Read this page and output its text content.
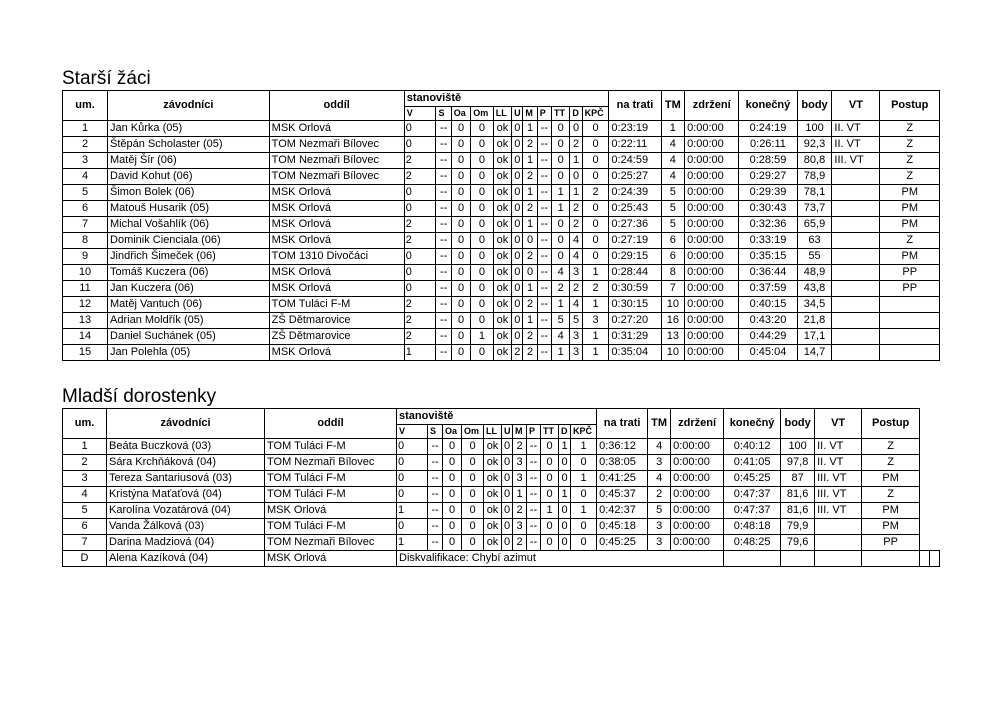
Starší žáci
um.	závodníci	oddíl	stanoviště											na trati	TM	zdržení	konečný	body	VT	Postup
			V	S	Oa	Om	LL	U	M	P	TT	D	KPČ							
1	Jan Kůrka (05)	MSK Orlová	0	--	0	0	ok	0	1	--	0	0	0	0:23:19	1	0:00:00	0:24:19	100	II. VT	Z
2	Štěpán Scholaster (05)	TOM Nezmaři Bílovec	0	--	0	0	ok	0	2	--	0	2	0	0:22:11	4	0:00:00	0:26:11	92,3	II. VT	Z
3	Matěj Šír (06)	TOM Nezmaři Bílovec	2	--	0	0	ok	0	1	--	0	1	0	0:24:59	4	0:00:00	0:28:59	80,8	III. VT	Z
4	David Kohut (06)	TOM Nezmaři Bílovec	2	--	0	0	ok	0	2	--	0	0	0	0:25:27	4	0:00:00	0:29:27	78,9		Z
5	Šimon Bolek (06)	MSK Orlová	0	--	0	0	ok	0	1	--	1	1	2	0:24:39	5	0:00:00	0:29:39	78,1		PM
6	Matouš Husarik (05)	MSK Orlová	0	--	0	0	ok	0	2	--	1	2	0	0:25:43	5	0:00:00	0:30:43	73,7		PM
7	Michal Vošahlík (06)	MSK Orlová	2	--	0	0	ok	0	1	--	0	2	0	0:27:36	5	0:00:00	0:32:36	65,9		PM
8	Dominik Cienciala (06)	MSK Orlová	2	--	0	0	ok	0	0	--	0	4	0	0:27:19	6	0:00:00	0:33:19	63		Z
9	Jindřich Šimeček (06)	TOM 1310 Divočáci	0	--	0	0	ok	0	2	--	0	4	0	0:29:15	6	0:00:00	0:35:15	55		PM
10	Tomáš Kuczera (06)	MSK Orlová	0	--	0	0	ok	0	0	--	4	3	1	0:28:44	8	0:00:00	0:36:44	48,9		PP
11	Jan Kuczera (06)	MSK Orlová	0	--	0	0	ok	0	1	--	2	2	2	0:30:59	7	0:00:00	0:37:59	43,8		PP
12	Matěj Vantuch (06)	TOM Tuláci F-M	2	--	0	0	ok	0	2	--	1	4	1	0:30:15	10	0:00:00	0:40:15	34,5		
13	Adrian Moldřík (05)	ZŠ Dětmarovice	2	--	0	0	ok	0	1	--	5	5	3	0:27:20	16	0:00:00	0:43:20	21,8		
14	Daniel Suchánek (05)	ZŠ Dětmarovice	2	--	0	1	ok	0	2	--	4	3	1	0:31:29	13	0:00:00	0:44:29	17,1		
15	Jan Polehla (05)	MSK Orlová	1	--	0	0	ok	2	2	--	1	3	1	0:35:04	10	0:00:00	0:45:04	14,7		
Mladší dorostenky
um.	závodníci	oddíl	stanoviště											na trati	TM	zdržení	konečný	body	VT	Postup		
			V	S	Oa	Om	LL	U	M	P	TT	D	KPČ									
1	Beáta Buczková (03)	TOM Tuláci F-M	0	--	0	0	ok	0	2	--	0	1	1	0:36:12	4	0:00:00	0:40:12	100	II. VT	Z		
2	Sára Krchňáková (04)	TOM Nezmaři Bílovec	0	--	0	0	ok	0	3	--	0	0	0	0:38:05	3	0:00:00	0:41:05	97,8	II. VT	Z		
3	Tereza Santariusová (03)	TOM Tuláci F-M	0	--	0	0	ok	0	3	--	0	0	1	0:41:25	4	0:00:00	0:45:25	87	III. VT	PM		
4	Kristýna Maťaťová (04)	TOM Tuláci F-M	0	--	0	0	ok	0	1	--	0	1	0	0:45:37	2	0:00:00	0:47:37	81,6	III. VT	Z		
5	Karolína Vozatárová (04)	MSK Orlová	1	--	0	0	ok	0	2	--	1	0	1	0:42:37	5	0:00:00	0:47:37	81,6	III. VT	PM		
6	Vanda Žálková (03)	TOM Tuláci F-M	0	--	0	0	ok	0	3	--	0	0	0	0:45:18	3	0:00:00	0:48:18	79,9		PM		
7	Darina Madziová (04)	TOM Nezmaři Bílovec	1	--	0	0	ok	0	2	--	0	0	0	0:45:25	3	0:00:00	0:48:25	79,6		PP		
D	Alena Kazíková (04)	MSK Orlová	Diskvalifikace: Chybí azimut																			
